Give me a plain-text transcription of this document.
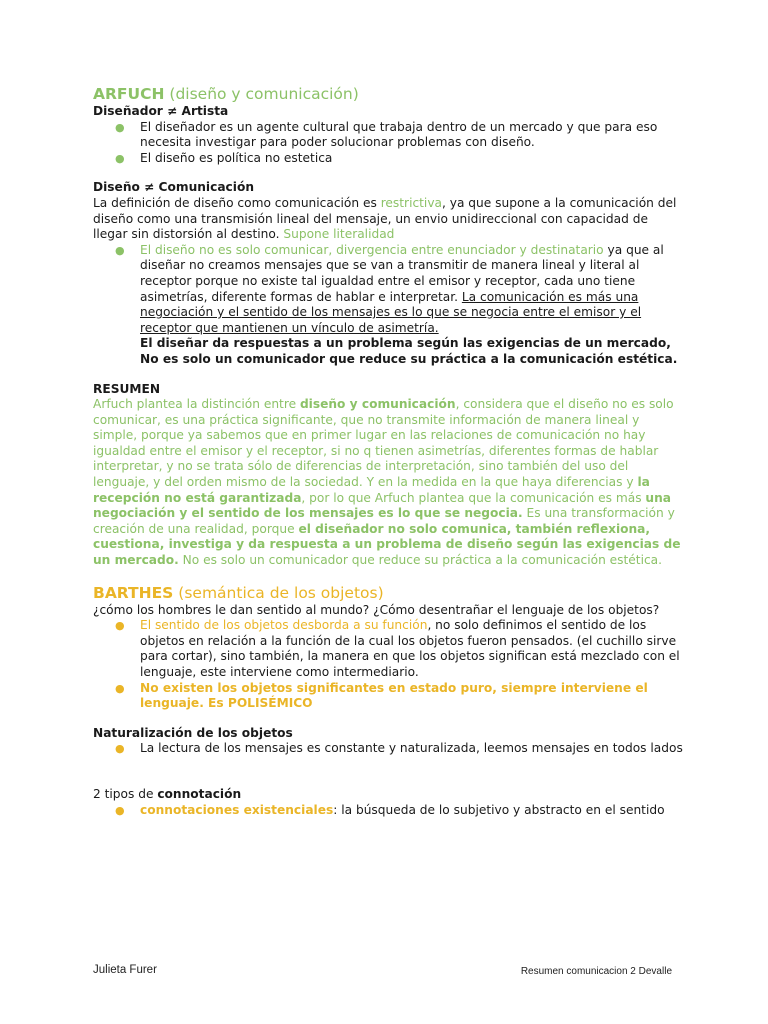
ARFUCH (diseño y comunicación)

Diseñador ≠ Artista

● El diseñador es un agente cultural que trabaja dentro de un mercado y que para eso necesita investigar para poder solucionar problemas con diseño.
● El diseño es política no estetica

Diseño ≠ Comunicación

La definición de diseño como comunicación es restrictiva, ya que supone a la comunicación del diseño como una transmisión lineal del mensaje, un envio unidireccional con capacidad de llegar sin distorsión al destino. Supone literalidad

● El diseño no es solo comunicar, divergencia entre enunciador y destinatario ya que al diseñar no creamos mensajes que se van a transmitir de manera lineal y literal al receptor porque no existe tal igualdad entre el emisor y receptor, cada uno tiene asimetrías, diferente formas de hablar e interpretar. La comunicación es más una negociación y el sentido de los mensajes es lo que se negocia entre el emisor y el receptor que mantienen un vínculo de asimetría.
El diseñar da respuestas a un problema según las exigencias de un mercado, No es solo un comunicador que reduce su práctica a la comunicación estética.

RESUMEN

Arfuch plantea la distinción entre diseño y comunicación, considera que el diseño no es solo comunicar, es una práctica significante, que no transmite información de manera lineal y simple, porque ya sabemos que en primer lugar en las relaciones de comunicación no hay igualdad entre el emisor y el receptor, si no q tienen asimetrías, diferentes formas de hablar interpretar, y no se trata sólo de diferencias de interpretación, sino también del uso del lenguaje, y del orden mismo de la sociedad. Y en la medida en la que haya diferencias y la recepción no está garantizada, por lo que Arfuch plantea que la comunicación es más una negociación y el sentido de los mensajes es lo que se negocia. Es una transformación y creación de una realidad, porque el diseñador no solo comunica, también reflexiona, cuestiona, investiga y da respuesta a un problema de diseño según las exigencias de un mercado. No es solo un comunicador que reduce su práctica a la comunicación estética.

BARTHES (semántica de los objetos)

¿cómo los hombres le dan sentido al mundo? ¿Cómo desentrañar el lenguaje de los objetos?

● El sentido de los objetos desborda a su función, no solo definimos el sentido de los objetos en relación a la función de la cual los objetos fueron pensados. (el cuchillo sirve para cortar), sino también, la manera en que los objetos significan está mezclado con el lenguaje, este interviene como intermediario.
● No existen los objetos significantes en estado puro, siempre interviene el lenguaje. Es POLISÉMICO

Naturalización de los objetos

● La lectura de los mensajes es constante y naturalizada, leemos mensajes en todos lados

2 tipos de connotación

● connotaciones existenciales: la búsqueda de lo subjetivo y abstracto en el sentido
Julieta Furer	Resumen comunicacion 2 Devalle
